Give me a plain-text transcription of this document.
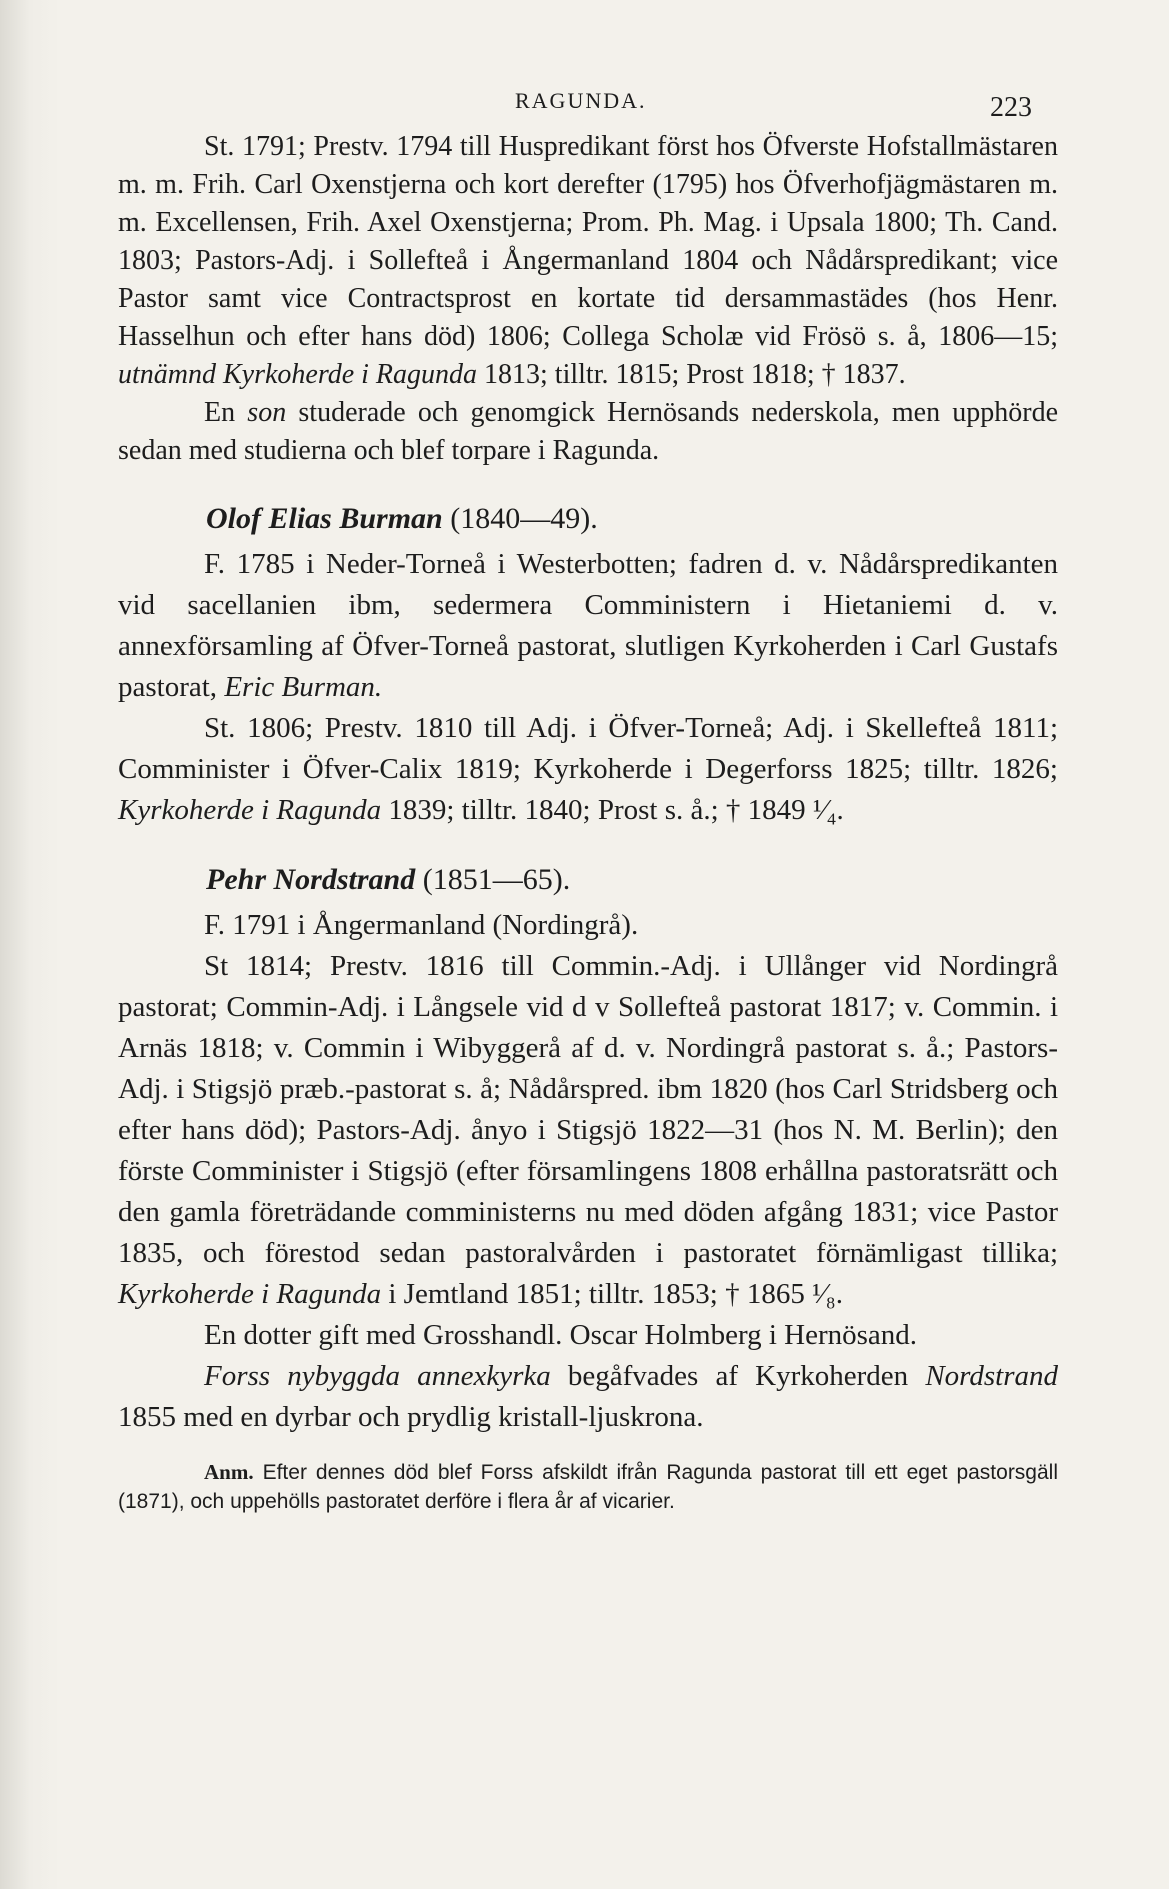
RAGUNDA.	223

St. 1791; Prestv. 1794 till Huspredikant först hos Öfverste Hofstallmästaren m. m. Frih. Carl Oxenstjerna och kort derefter (1795) hos Öfverhofjägmästaren m. m. Excellensen, Frih. Axel Oxenstjerna; Prom. Ph. Mag. i Upsala 1800; Th. Cand. 1803; Pastors-Adj. i Sollefteå i Ångermanland 1804 och Nådårspredikant; vice Pastor samt vice Contractsprost en kortate tid dersammastädes (hos Henr. Hasselhun och efter hans död) 1806; Collega Scholæ vid Frösö s. å, 1806—15; utnämnd Kyrkoherde i Ragunda 1813; tilltr. 1815; Prost 1818; † 1837.

En son studerade och genomgick Hernösands nederskola, men upphörde sedan med studierna och blef torpare i Ragunda.

Olof Elias Burman (1840—49).

F. 1785 i Neder-Torneå i Westerbotten; fadren d. v. Nådårspredikanten vid sacellanien ibm, sedermera Comministern i Hietaniemi d. v. annexförsamling af Öfver-Torneå pastorat, slutligen Kyrkoherden i Carl Gustafs pastorat, Eric Burman.

St. 1806; Prestv. 1810 till Adj. i Öfver-Torneå; Adj. i Skellefteå 1811; Comminister i Öfver-Calix 1819; Kyrkoherde i Degerforss 1825; tilltr. 1826; Kyrkoherde i Ragunda 1839; tilltr. 1840; Prost s. å.; † 1849 ¹⁄₄.

Pehr Nordstrand (1851—65).

F. 1791 i Ångermanland (Nordingrå).

St 1814; Prestv. 1816 till Commin.-Adj. i Ullånger vid Nordingrå pastorat; Commin-Adj. i Långsele vid d v Sollefteå pastorat 1817; v. Commin. i Arnäs 1818; v. Commin i Wibyggerå af d. v. Nordingrå pastorat s. å.; Pastors-Adj. i Stigsjö præb.-pastorat s. å; Nådårspred. ibm 1820 (hos Carl Stridsberg och efter hans död); Pastors-Adj. ånyo i Stigsjö 1822—31 (hos N. M. Berlin); den förste Comminister i Stigsjö (efter församlingens 1808 erhållna pastoratsrätt och den gamla företrädande comministerns nu med döden afgång 1831; vice Pastor 1835, och förestod sedan pastoralvården i pastoratet förnämligast tillika; Kyrkoherde i Ragunda i Jemtland 1851; tilltr. 1853; † 1865 ¹⁄₈.

En dotter gift med Grosshandl. Oscar Holmberg i Hernösand.

Forss nybyggda annexkyrka begåfvades af Kyrkoherden Nordstrand 1855 med en dyrbar och prydlig kristall-ljuskrona.

Anm. Efter dennes död blef Forss afskildt ifrån Ragunda pastorat till ett eget pastorsgäll (1871), och uppehölls pastoratet derföre i flera år af vicarier.
